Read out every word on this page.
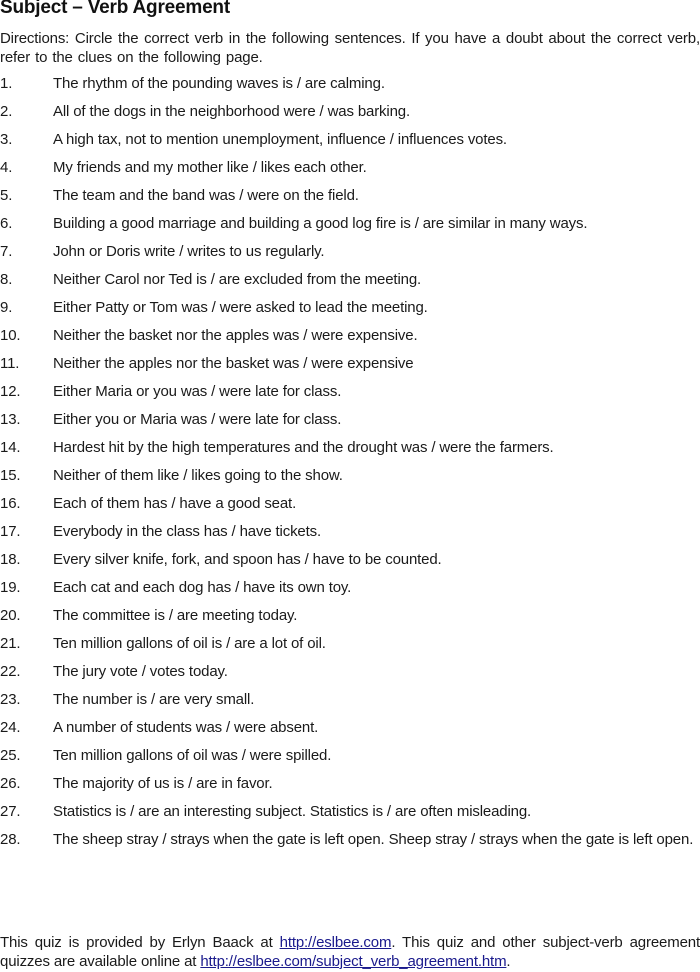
Subject – Verb Agreement
Directions: Circle the correct verb in the following sentences. If you have a doubt about the correct verb, refer to the clues on the following page.
1.	The rhythm of the pounding waves is / are calming.
2.	All of the dogs in the neighborhood were / was barking.
3.	A high tax, not to mention unemployment, influence / influences votes.
4.	My friends and my mother like / likes each other.
5.	The team and the band was / were on the field.
6.	Building a good marriage and building a good log fire is / are similar in many ways.
7.	John or Doris write / writes to us regularly.
8.	Neither Carol nor Ted is / are excluded from the meeting.
9.	Either Patty or Tom was / were asked to lead the meeting.
10.	Neither the basket nor the apples was / were expensive.
11.	Neither the apples nor the basket was / were expensive
12.	Either Maria or you was / were late for class.
13.	Either you or Maria was / were late for class.
14.	Hardest hit by the high temperatures and the drought was / were the farmers.
15.	Neither of them like / likes going to the show.
16.	Each of them has / have a good seat.
17.	Everybody in the class has / have tickets.
18.	Every silver knife, fork, and spoon has / have to be counted.
19.	Each cat and each dog has / have its own toy.
20.	The committee is / are meeting today.
21.	Ten million gallons of oil is / are a lot of oil.
22.	The jury vote / votes today.
23.	The number is / are very small.
24.	A number of students was / were absent.
25.	Ten million gallons of oil was / were spilled.
26.	The majority of us is / are in favor.
27.	Statistics is / are an interesting subject. Statistics is / are often misleading.
28.	The sheep stray / strays when the gate is left open. Sheep stray / strays when the gate is left open.
This quiz is provided by Erlyn Baack at http://eslbee.com. This quiz and other subject-verb agreement quizzes are available online at http://eslbee.com/subject_verb_agreement.htm.
